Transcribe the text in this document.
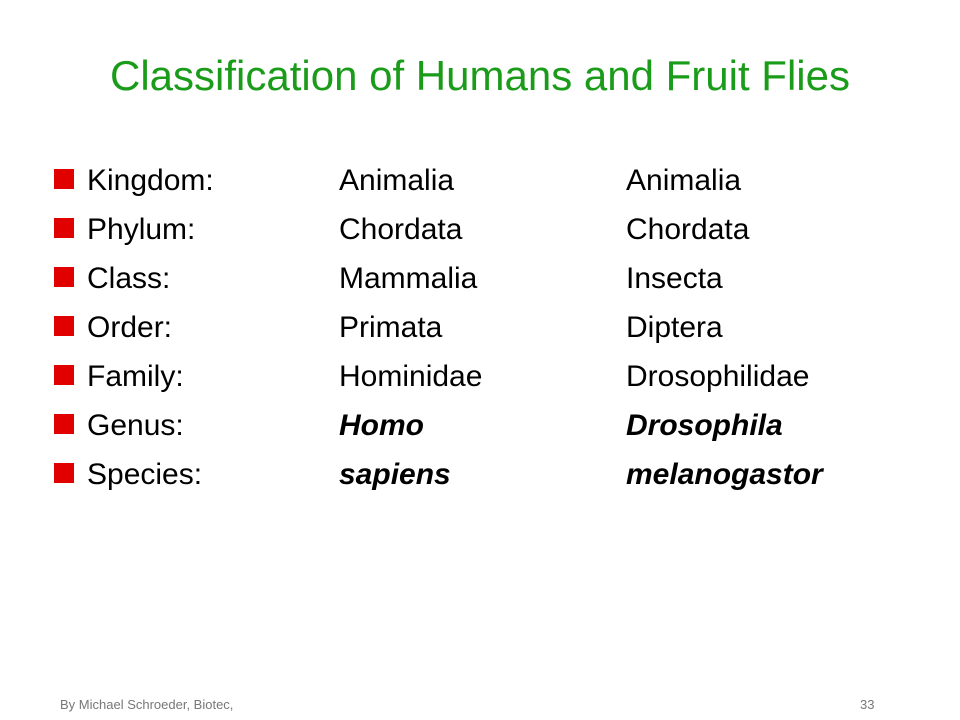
Classification of Humans and Fruit Flies
Kingdom:	Animalia	Animalia
Phylum:	Chordata	Chordata
Class:	Mammalia	Insecta
Order:	Primata	Diptera
Family:	Hominidae	Drosophilidae
Genus:	Homo	Drosophila
Species:	sapiens	melanogastor
By Michael Schroeder, Biotec,	33
